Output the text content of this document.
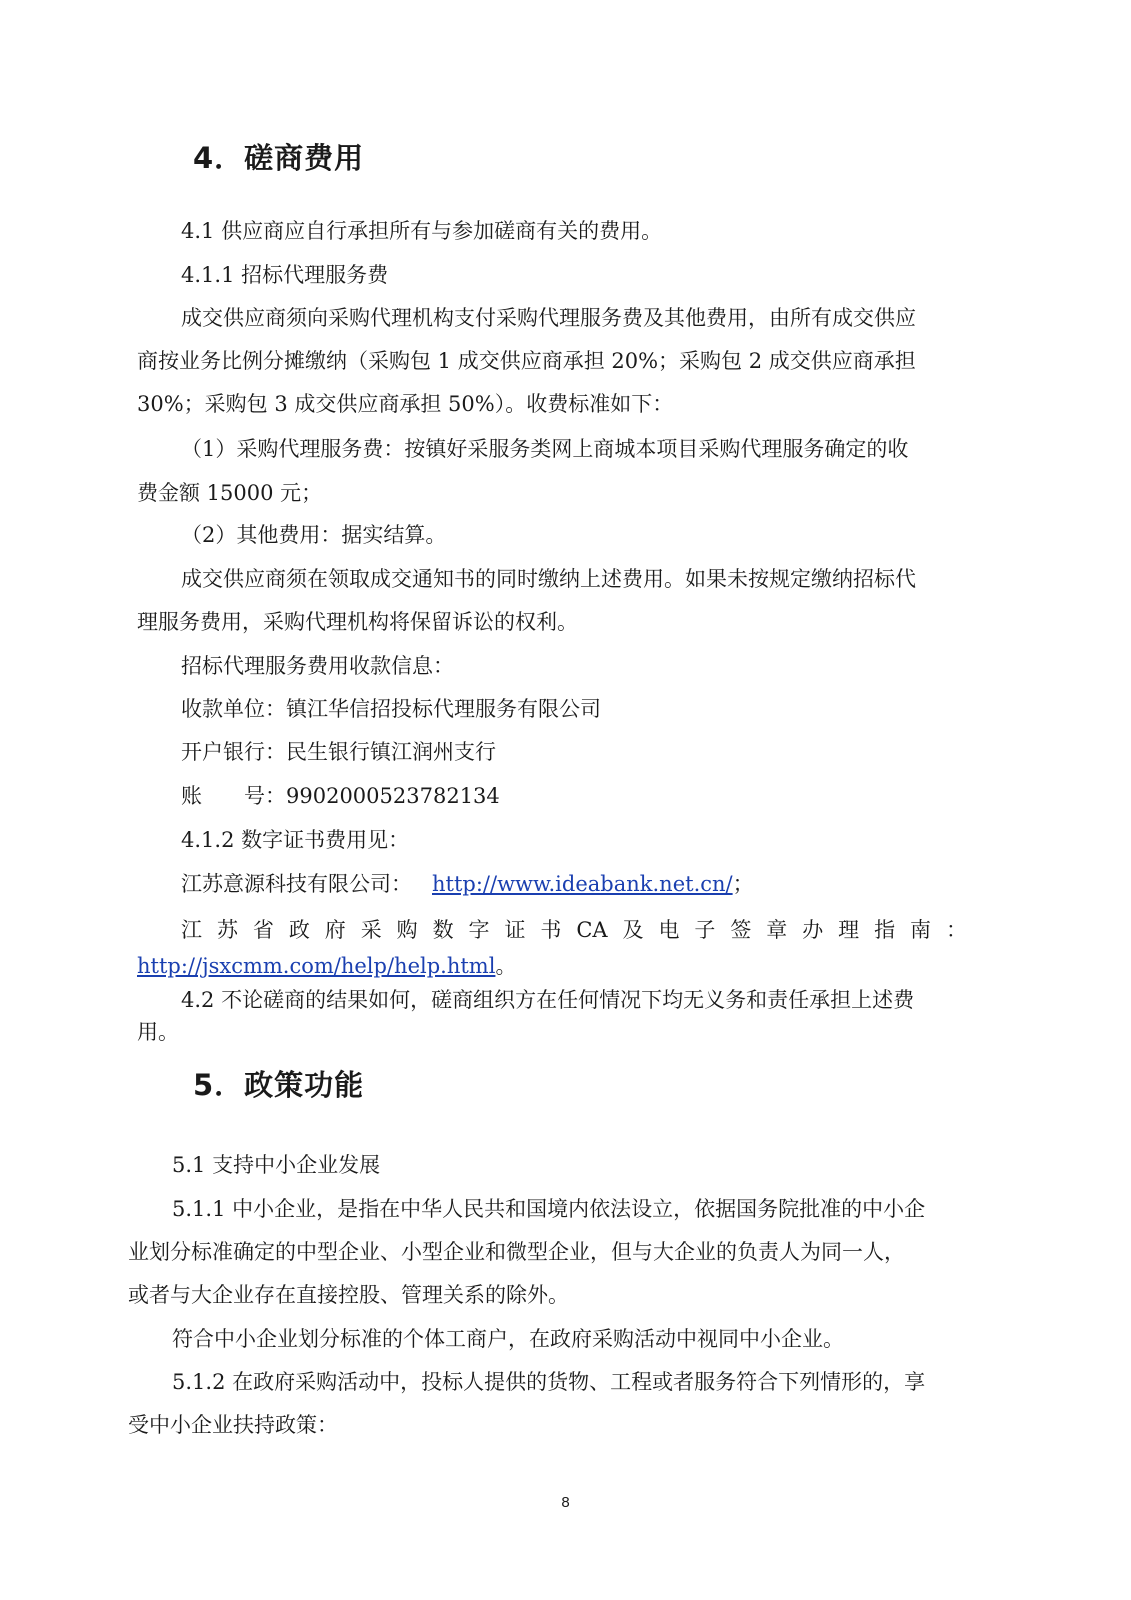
4．磋商费用
4.1 供应商应自行承担所有与参加磋商有关的费用。
4.1.1 招标代理服务费
成交供应商须向采购代理机构支付采购代理服务费及其他费用，由所有成交供应
商按业务比例分摊缴纳（采购包 1 成交供应商承担 20%；采购包 2 成交供应商承担
30%；采购包 3 成交供应商承担 50%）。收费标准如下：
（1）采购代理服务费：按镇好采服务类网上商城本项目采购代理服务确定的收
费金额 15000 元；
（2）其他费用：据实结算。
成交供应商须在领取成交通知书的同时缴纳上述费用。如果未按规定缴纳招标代
理服务费用，采购代理机构将保留诉讼的权利。
招标代理服务费用收款信息：
收款单位：镇江华信招投标代理服务有限公司
开户银行：民生银行镇江润州支行
账 号：9902000523782134
4.1.2 数字证书费用见：
江苏意源科技有限公司： http://www.ideabank.net.cn/；
江苏省政府采购数字证书CA及电子签章办理指南：
http://jsxcmm.com/help/help.html。
4.2 不论磋商的结果如何，磋商组织方在任何情况下均无义务和责任承担上述费
用。
5．政策功能
5.1 支持中小企业发展
5.1.1 中小企业，是指在中华人民共和国境内依法设立，依据国务院批准的中小企
业划分标准确定的中型企业、小型企业和微型企业，但与大企业的负责人为同一人，
或者与大企业存在直接控股、管理关系的除外。
符合中小企业划分标准的个体工商户，在政府采购活动中视同中小企业。
5.1.2 在政府采购活动中，投标人提供的货物、工程或者服务符合下列情形的，享
受中小企业扶持政策：
8
